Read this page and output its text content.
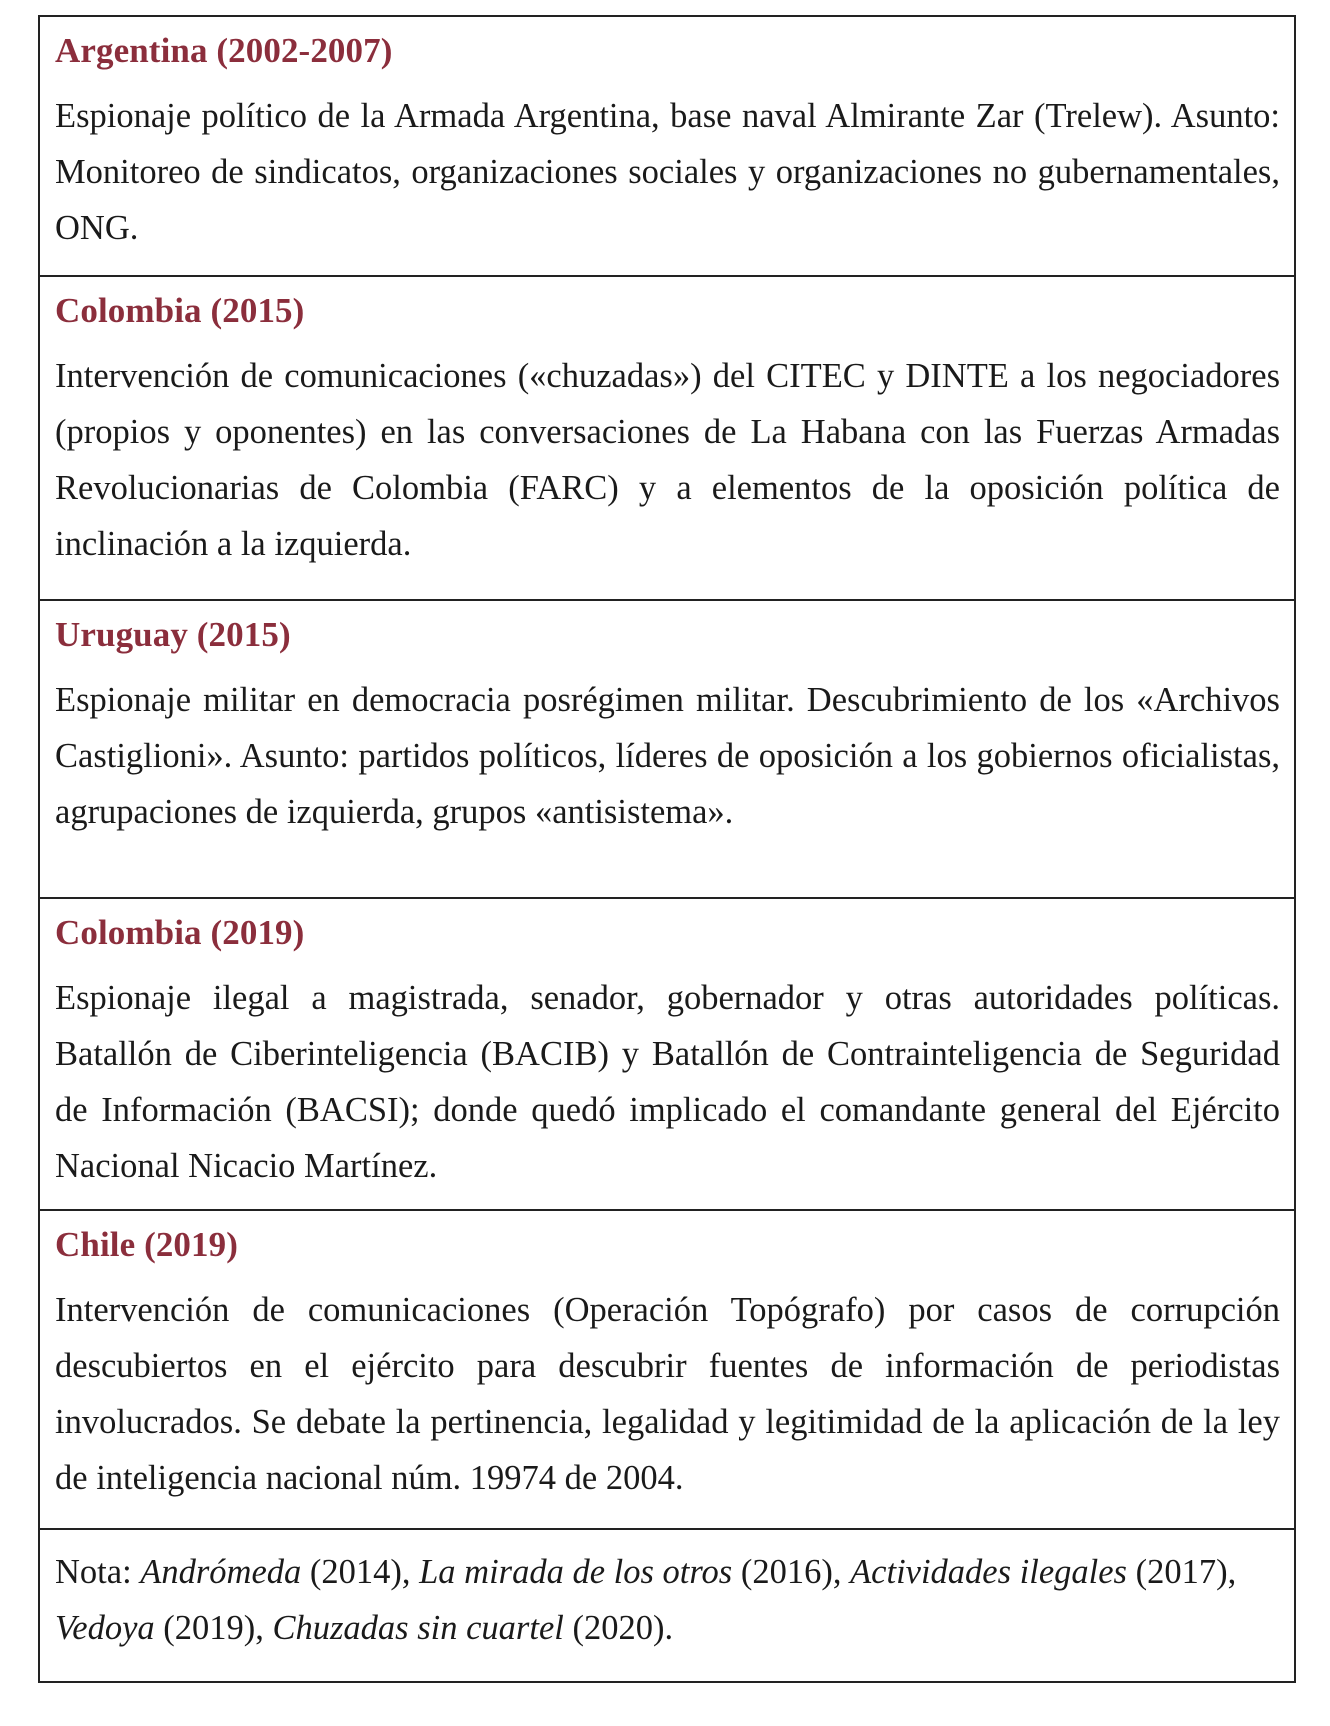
Argentina (2002-2007)

Espionaje político de la Armada Argentina, base naval Almirante Zar (Trelew). Asunto: Monitoreo de sindicatos, organizaciones sociales y organizaciones no gubernamentales, ONG.

Colombia (2015)

Intervención de comunicaciones («chuzadas») del CITEC y DINTE a los negociadores (propios y oponentes) en las conversaciones de La Habana con las Fuerzas Armadas Revolucionarias de Colombia (FARC) y a elementos de la oposición política de inclinación a la izquierda.

Uruguay (2015)

Espionaje militar en democracia posrégimen militar. Descubrimiento de los «Archivos Castiglioni». Asunto: partidos políticos, líderes de oposición a los gobiernos oficialistas, agrupaciones de izquierda, grupos «antisistema».

Colombia (2019)

Espionaje ilegal a magistrada, senador, gobernador y otras autoridades políticas. Batallón de Ciberinteligencia (BACIB) y Batallón de Contrainteligencia de Seguridad de Información (BACSI); donde quedó implicado el comandante general del Ejército Nacional Nicacio Martínez.

Chile (2019)

Intervención de comunicaciones (Operación Topógrafo) por casos de corrupción descubiertos en el ejército para descubrir fuentes de información de periodistas involucrados. Se debate la pertinencia, legalidad y legitimidad de la aplicación de la ley de inteligencia nacional núm. 19974 de 2004.

Nota: Andrómeda (2014), La mirada de los otros (2016), Actividades ilegales (2017), Vedoya (2019), Chuzadas sin cuartel (2020).
